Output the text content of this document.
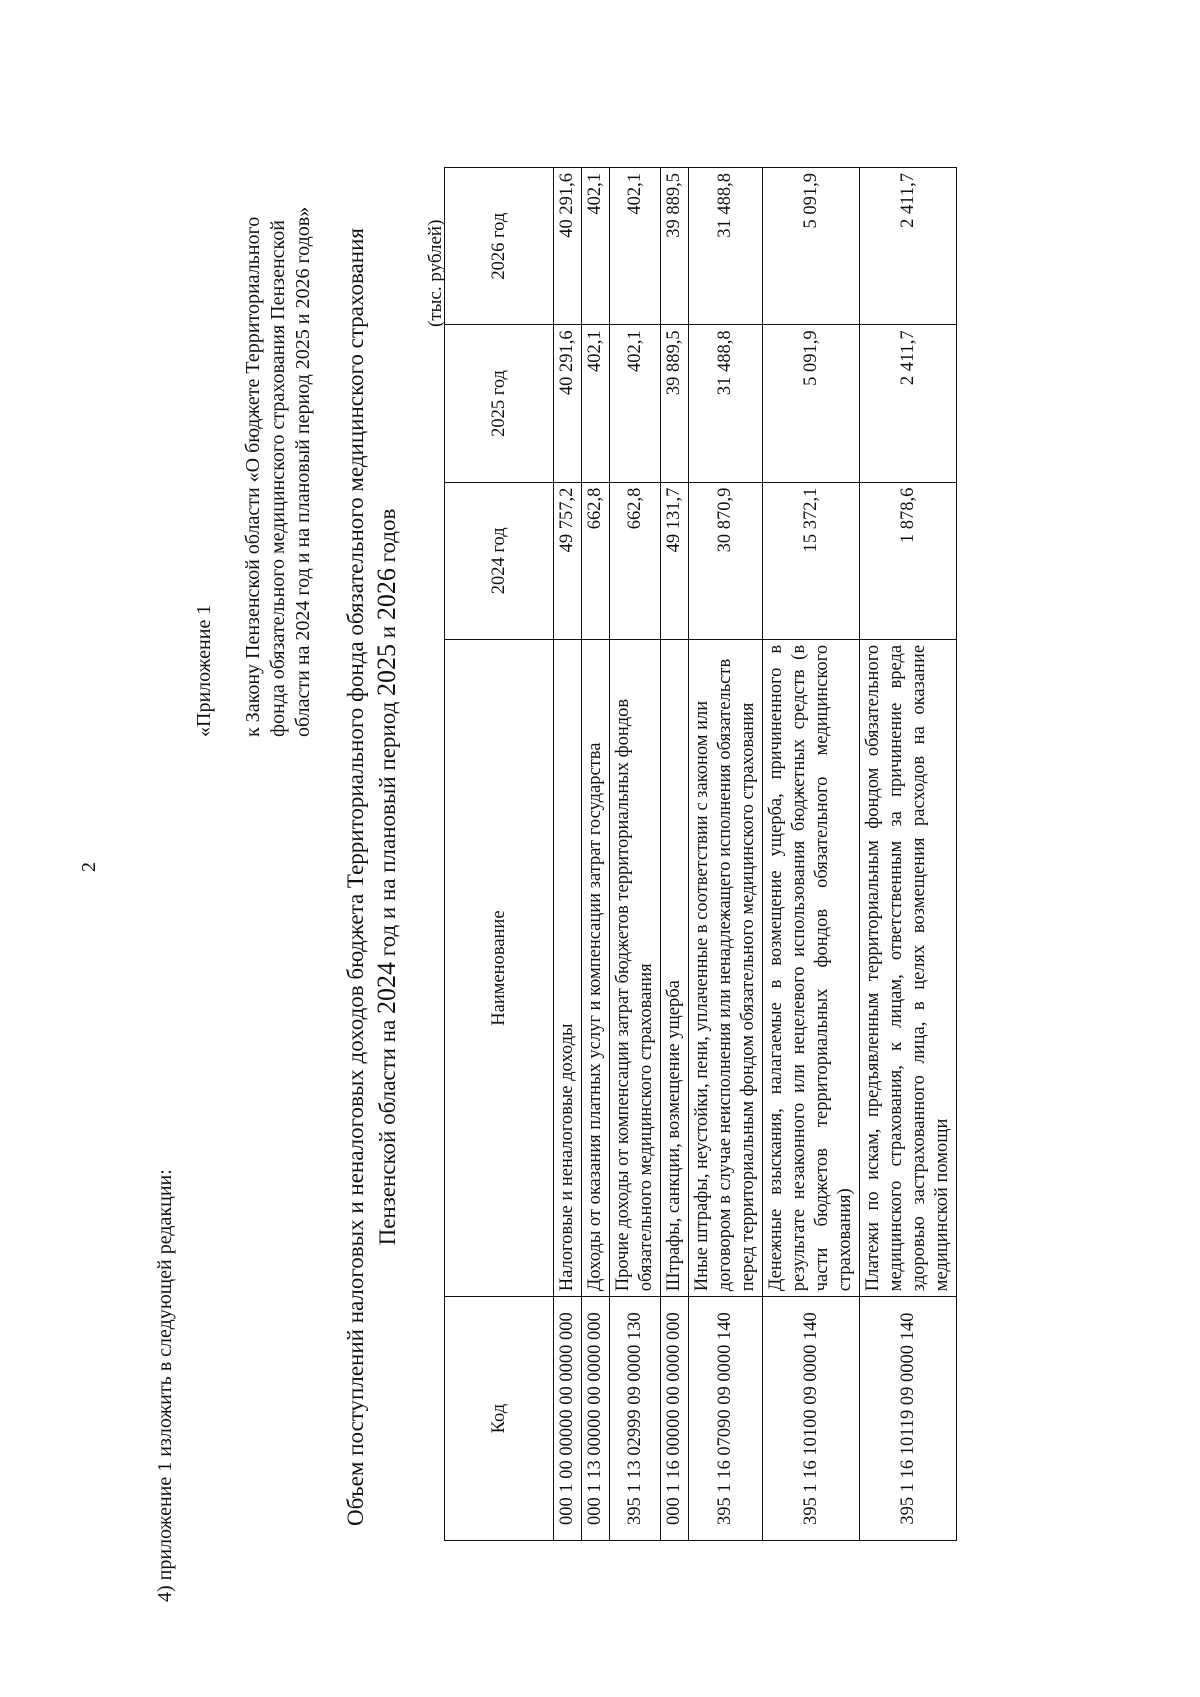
2
4) приложение 1 изложить в следующей редакции:
«Приложение 1 к Закону Пензенской области «О бюджете Территориального фонда обязательного медицинского страхования Пензенской области на 2024 год и на плановый период 2025 и 2026 годов» Объем поступлений налоговых и неналоговых доходов бюджета Территориального фонда обязательного медицинского страхования Пензенской области на 2024 год и на плановый период 2025 и 2026 годов
(тыс. рублей)
Код	Наименование	2024 год	2025 год	2026 год
000 1 00 00000 00 0000 000	Налоговые и неналоговые доходы	49 757,2	40 291,6	40 291,6
000 1 13 00000 00 0000 000	Доходы от оказания платных услуг и компенсации затрат государства	662,8	402,1	402,1
395 1 13 02999 09 0000 130	Прочие доходы от компенсации затрат бюджетов территориальных фондов обязательного медицинского страхования	662,8	402,1	402,1
000 1 16 00000 00 0000 000	Штрафы, санкции, возмещение ущерба	49 131,7	39 889,5	39 889,5
395 1 16 07090 09 0000 140	Иные штрафы, неустойки, пени, уплаченные в соответствии с законом или договором в случае неисполнения или ненадлежащего исполнения обязательств перед территориальным фондом обязательного медицинского страхования	30 870,9	31 488,8	31 488,8
395 1 16 10100 09 0000 140	Денежные взыскания, налагаемые в возмещение ущерба, причиненного в результате незаконного или нецелевого использования бюджетных средств (в части бюджетов территориальных фондов обязательного медицинского страхования)	15 372,1	5 091,9	5 091,9
395 1 16 10119 09 0000 140	Платежи по искам, предъявленным территориальным фондом обязательного медицинского страхования, к лицам, ответственным за причинение вреда здоровью застрахованного лица, в целях возмещения расходов на оказание медицинской помощи	1 878,6	2 411,7	2 411,7
